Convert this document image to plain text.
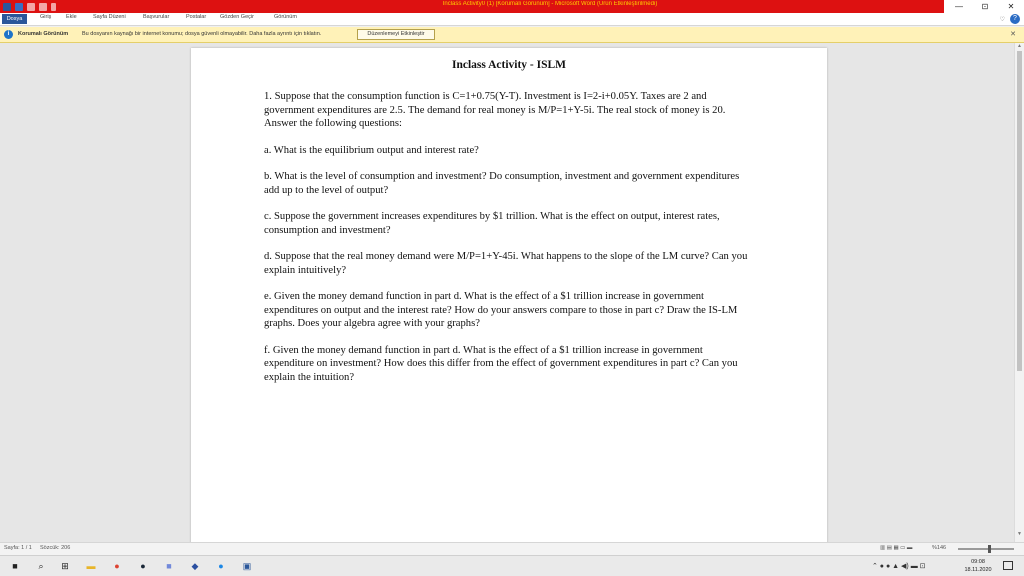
Inclass Activity0 (1) [Korumalı Görünüm] - Microsoft Word (Ürün Etkinleştirilmedi)	—	⊡	✕
Dosya	Giriş	Ekle	Sayfa Düzeni	Başvurular	Postalar	Gözden Geçir	Görünüm	♡	?
i	Korumalı Görünüm	Bu dosyanın kaynağı bir internet konumu; dosya güvenli olmayabilir. Daha fazla ayrıntı için tıklatın.	Düzenlemeyi Etkinleştir	✕
Inclass Activity - ISLM

1. Suppose that the consumption function is C=1+0.75(Y-T). Investment is I=2-i+0.05Y. Taxes are 2 and government expenditures are 2.5. The demand for real money is M/P=1+Y-5i. The real stock of money is 20. Answer the following questions:

a. What is the equilibrium output and interest rate?

b. What is the level of consumption and investment? Do consumption, investment and government expenditures add up to the level of output?

c. Suppose the government increases expenditures by $1 trillion. What is the effect on output, interest rates, consumption and investment?

d. Suppose that the real money demand were M/P=1+Y-45i. What happens to the slope of the LM curve? Can you explain intuitively?

e. Given the money demand function in part d. What is the effect of a $1 trillion increase in government expenditures on output and the interest rate? How do your answers compare to those in part c? Draw the IS-LM graphs. Does your algebra agree with your graphs?

f. Given the money demand function in part d. What is the effect of a $1 trillion increase in government expenditure on investment? How does this differ from the effect of government expenditures in part c? Can you explain the intuition?

▲
▼
Sayfa: 1 / 1 Sözcük: 206	▥ ▤ ▦ ▭ ▬	%146
■	⌕	⊞	▬	●	●	■	◆	●	▣	⌃ ● ● ▲ ◀) ▬ ⊡
09:08
18.11.2020
